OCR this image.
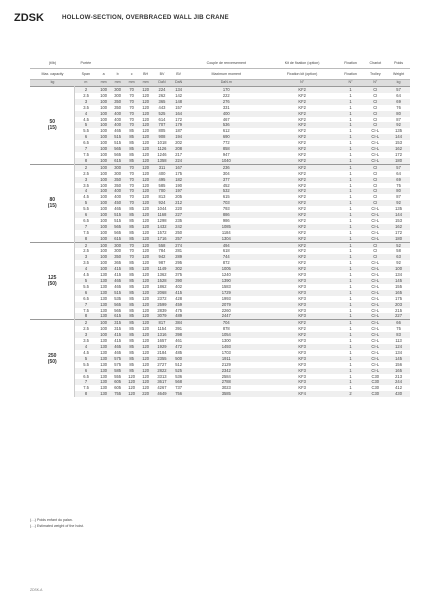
ZDSK	HOLLOW-SECTION, OVERBRACED WALL JIB CRANE
(t/lb)	Portée							Couple de renversement	Kit de fixation (option)	Fixation	Chariot	Poids
Max. capacity	Span	a	b	c	BH	BV	BV	Maximum moment	Fixation kit (option)	Fixation	Trolley	Weight
kg	m	mm	mm	mm	mm	DaN	DaN	DaN.m	N°	N°	N°	kg

50
(15)	2	100	300	70	120	224	134	170	KF2	1	CI	57
	2.5	100	300	70	120	262	142	222	KF2	1	CI	64
	3	100	350	70	120	365	148	276	KF2	1	CI	69
	3.5	100	350	70	120	443	157	331	KF2	1	CI	76
	4	100	400	70	120	525	164	400	KF2	1	CI	80
	4.5	100	400	70	120	614	172	467	KF2	1	CI	87
	5	100	400	70	120	707	179	536	KF2	1	CI	92
	5.5	100	465	85	120	805	187	612	KF2	1	CI-L	135
	6	100	515	85	120	908	194	690	KF2	1	CI-L	144
	6.5	100	515	85	120	1018	202	772	KF2	1	CI-L	153
	7	100	565	85	120	1126	208	858	KF2	1	CI-L	162
	7.5	100	565	85	120	1246	217	947	KF2	1	CI-L	172
	8	100	615	85	120	1358	224	1040	KF2	1	CI-L	180

80
(15)	2	100	300	70	120	311	167	236	KF2	1	CI	57
	2.5	100	300	70	120	400	175	304	KF2	1	CI	64
	3	100	350	70	120	495	182	377	KF2	1	CI	69
	3.5	100	350	70	120	585	190	452	KF2	1	CI	75
	4	100	400	70	120	700	197	532	KF2	1	CI	80
	4.5	100	400	70	120	813	205	615	KF2	1	CI	87
	5	100	450	70	120	924	212	703	KF2	1	CI	92
	5.5	100	465	85	120	1044	220	793	KF2	1	CI-L	135
	6	100	515	85	120	1168	227	886	KF2	1	CI-L	144
	6.5	100	515	85	120	1298	235	986	KF2	1	CI-L	153
	7	100	565	85	120	1432	242	1085	KF2	1	CI-L	162
	7.5	100	565	85	120	1572	250	1184	KF2	1	CI-L	172
	8	100	615	85	120	1716	257	1304	KF2	1	CI-L	180

125
(50)	2	100	300	70	120	558	274	494	KF2	1	CI	52
	2.5	100	300	70	120	784	281	618	KF2	1	CI	58
	3	100	350	70	120	942	289	744	KF2	1	CI	63
	3.5	100	365	85	120	987	295	872	KF2	1	CI-L	92
	4	100	415	85	120	1149	302	1005	KF2	1	CI-L	100
	4.5	130	415	85	120	1362	375	1240	KF3	1	CI-L	134
	5	130	465	85	120	1528	390	1390	KF3	1	CI-L	145
	5.5	130	465	85	120	1862	402	1583	KF3	1	CI-L	155
	6	130	515	85	120	2068	415	1729	KF3	1	CI-L	165
	6.5	130	535	85	120	2372	428	1993	KF3	1	CI-L	175
	7	130	565	85	120	2599	459	2079	KF3	1	CI-L	203
	7.5	130	565	85	120	2839	475	2260	KF3	1	CI-L	215
	8	130	615	85	120	3079	489	2447	KF3	1	CI-L	227

250
(50)	2	100	315	85	120	817	384	704	KF2	1	CI-L	66
	2.5	100	315	85	120	1154	391	878	KF2	1	CI-L	75
	3	100	415	85	120	1316	398	1054	KF2	1	CI-L	83
	3.5	130	415	85	120	1657	461	1300	KF3	1	CI-L	113
	4	130	465	85	120	1929	472	1493	KF3	1	CI-L	124
	4.5	130	465	85	120	2184	485	1703	KF3	1	CI-L	134
	5	130	575	85	120	2355	500	1911	KF3	1	CI-L	145
	5.5	130	575	85	120	2727	512	2129	KF3	1	CI-L	156
	6	130	585	85	120	2822	525	2342	KF3	1	CI-L	165
	6.5	130	555	120	120	3313	536	2584	KF3	1	C30	213
	7	130	605	120	120	3617	568	2788	KF3	1	C30	244
	7.5	130	605	120	120	4267	737	3023	KF3	1	C30	412
	8	130	755	120	220	4649	756	3585	KF4	2	C30	430
(…) Poids enfant du palan.
(…) Estimated weight of the hoist.
ZDSK-A
